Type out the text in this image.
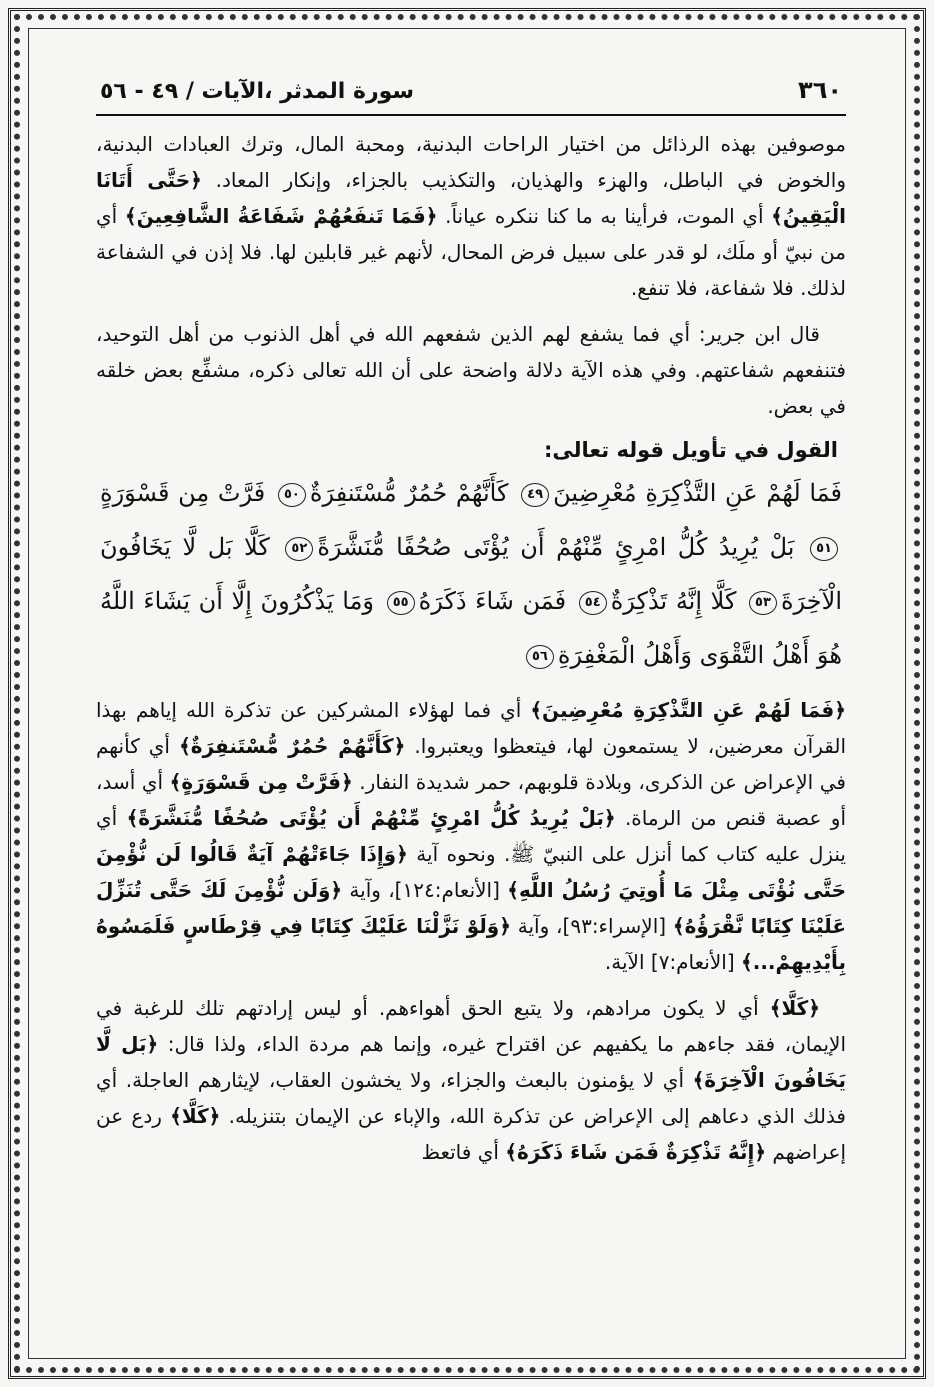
٣٦٠
سورة المدثر ،الآيات / ٤٩ - ٥٦

موصوفين بهذه الرذائل من اختيار الراحات البدنية، ومحبة المال، وترك العبادات البدنية، والخوض في الباطل، والهزء والهذيان، والتكذيب بالجزاء، وإنكار المعاد. ﴿حَتَّى أَتَانَا الْيَقِينُ﴾ أي الموت، فرأينا به ما كنا ننكره عياناً. ﴿فَمَا تَنفَعُهُمْ شَفَاعَةُ الشَّافِعِينَ﴾ أي من نبيّ أو ملَك، لو قدر على سبيل فرض المحال، لأنهم غير قابلين لها. فلا إذن في الشفاعة لذلك. فلا شفاعة، فلا تنفع.

قال ابن جرير: أي فما يشفع لهم الذين شفعهم الله في أهل الذنوب من أهل التوحيد، فتنفعهم شفاعتهم. وفي هذه الآية دلالة واضحة على أن الله تعالى ذكره، مشفِّع بعض خلقه في بعض.

القول في تأويل قوله تعالى:
فَمَا لَهُمْ عَنِ التَّذْكِرَةِ مُعْرِضِينَ٤٩ كَأَنَّهُمْ حُمُرٌ مُّسْتَنفِرَةٌ٥٠ فَرَّتْ مِن قَسْوَرَةٍ٥١ بَلْ يُرِيدُ كُلُّ امْرِئٍ مِّنْهُمْ أَن يُؤْتَى صُحُفًا مُّنَشَّرَةً٥٢ كَلَّا بَل لَّا يَخَافُونَ الْآخِرَةَ٥٣ كَلَّا إِنَّهُ تَذْكِرَةٌ٥٤ فَمَن شَاءَ ذَكَرَهُ٥٥ وَمَا يَذْكُرُونَ إِلَّا أَن يَشَاءَ اللَّهُ هُوَ أَهْلُ التَّقْوَى وَأَهْلُ الْمَغْفِرَةِ٥٦

﴿فَمَا لَهُمْ عَنِ التَّذْكِرَةِ مُعْرِضِينَ﴾ أي فما لهؤلاء المشركين عن تذكرة الله إياهم بهذا القرآن معرضين، لا يستمعون لها، فيتعظوا ويعتبروا. ﴿كَأَنَّهُمْ حُمُرٌ مُّسْتَنفِرَةٌ﴾ أي كأنهم في الإعراض عن الذكرى، وبلادة قلوبهم، حمر شديدة النفار. ﴿فَرَّتْ مِن قَسْوَرَةٍ﴾ أي أسد، أو عصبة قنص من الرماة. ﴿بَلْ يُرِيدُ كُلُّ امْرِئٍ مِّنْهُمْ أَن يُؤْتَى صُحُفًا مُّنَشَّرَةً﴾ أي ينزل عليه كتاب كما أنزل على النبيّ ﷺ. ونحوه آية ﴿وَإِذَا جَاءَتْهُمْ آيَةٌ قَالُوا لَن نُّؤْمِنَ حَتَّى نُؤْتَى مِثْلَ مَا أُوتِيَ رُسُلُ اللَّهِ﴾ [الأنعام:١٢٤]، وآية ﴿وَلَن نُّؤْمِنَ لَكَ حَتَّى تُنَزِّلَ عَلَيْنَا كِتَابًا نَّقْرَؤُهُ﴾ [الإسراء:٩٣]، وآية ﴿وَلَوْ نَزَّلْنَا عَلَيْكَ كِتَابًا فِي قِرْطَاسٍ فَلَمَسُوهُ بِأَيْدِيهِمْ...﴾ [الأنعام:٧] الآية.

﴿كَلَّا﴾ أي لا يكون مرادهم، ولا يتبع الحق أهواءهم. أو ليس إرادتهم تلك للرغبة في الإيمان، فقد جاءهم ما يكفيهم عن اقتراح غيره، وإنما هم مردة الداء، ولذا قال: ﴿بَل لَّا يَخَافُونَ الْآخِرَةَ﴾ أي لا يؤمنون بالبعث والجزاء، ولا يخشون العقاب، لإيثارهم العاجلة. أي فذلك الذي دعاهم إلى الإعراض عن تذكرة الله، والإباء عن الإيمان بتنزيله. ﴿كَلَّا﴾ ردع عن إعراضهم ﴿إِنَّهُ تَذْكِرَةٌ فَمَن شَاءَ ذَكَرَهُ﴾ أي فاتعظ
